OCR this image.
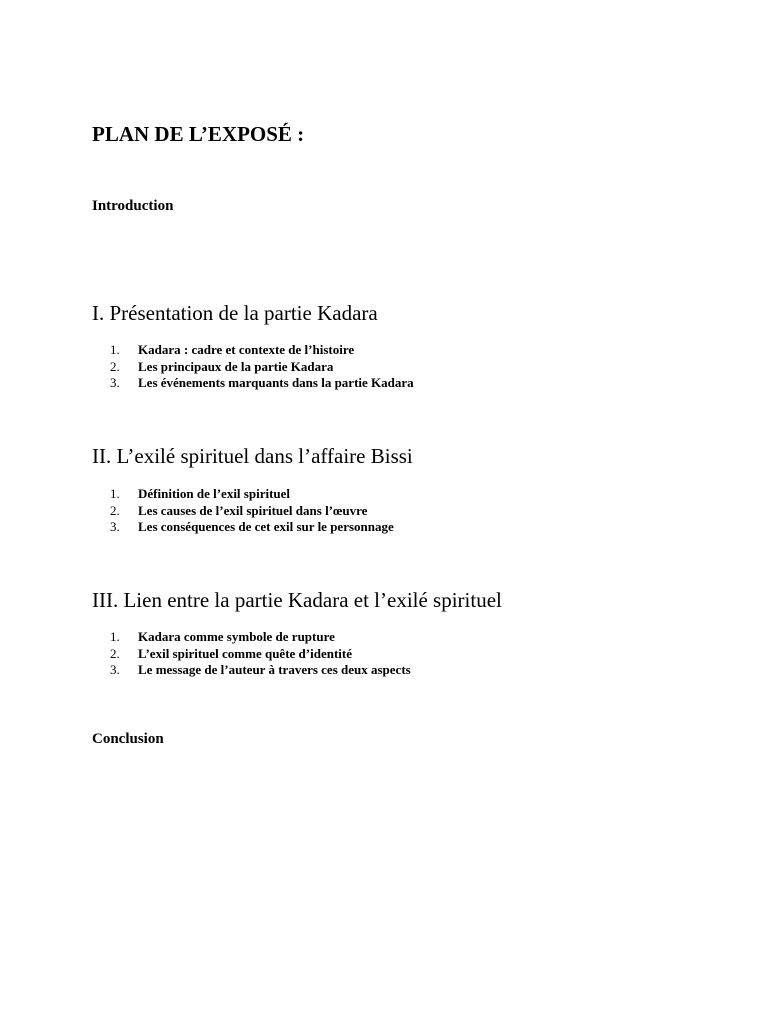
PLAN DE L’EXPOSÉ :

Introduction

I. Présentation de la partie Kadara
1. Kadara : cadre et contexte de l’histoire
2. Les principaux de la partie Kadara
3. Les événements marquants dans la partie Kadara
II. L’exilé spirituel dans l’affaire Bissi
1. Définition de l’exil spirituel
2. Les causes de l’exil spirituel dans l’œuvre
3. Les conséquences de cet exil sur le personnage
III. Lien entre la partie Kadara et l’exilé spirituel
1. Kadara comme symbole de rupture
2. L’exil spirituel comme quête d’identité
3. Le message de l’auteur à travers ces deux aspects

Conclusion
